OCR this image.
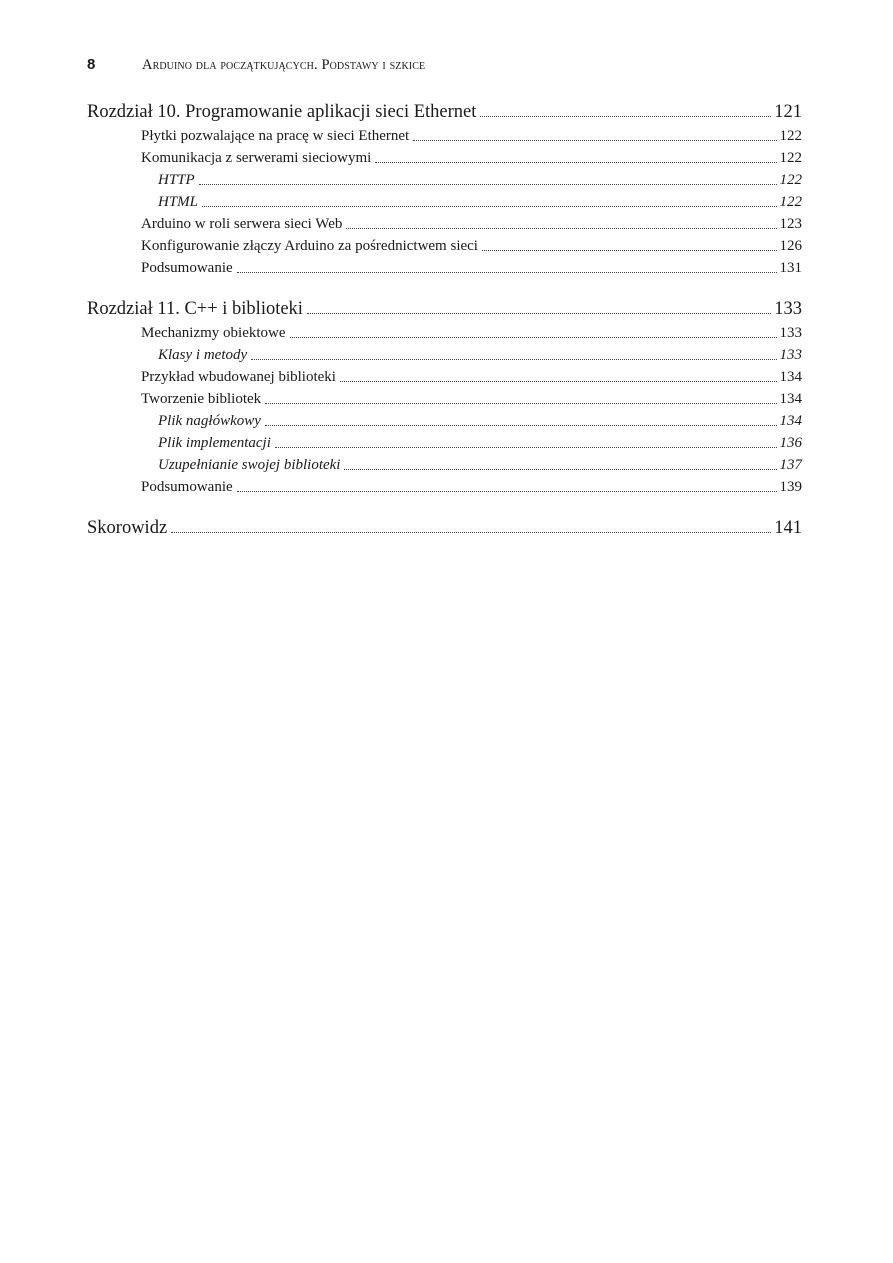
8	Arduino dla początkujących. Podstawy i szkice
Rozdział 10. Programowanie aplikacji sieci Ethernet	121
Płytki pozwalające na pracę w sieci Ethernet	122
Komunikacja z serwerami sieciowymi	122
HTTP	122
HTML	122
Arduino w roli serwera sieci Web	123
Konfigurowanie złączy Arduino za pośrednictwem sieci	126
Podsumowanie	131
Rozdział 11. C++ i biblioteki	133
Mechanizmy obiektowe	133
Klasy i metody	133
Przykład wbudowanej biblioteki	134
Tworzenie bibliotek	134
Plik nagłówkowy	134
Plik implementacji	136
Uzupełnianie swojej biblioteki	137
Podsumowanie	139
Skorowidz	141
